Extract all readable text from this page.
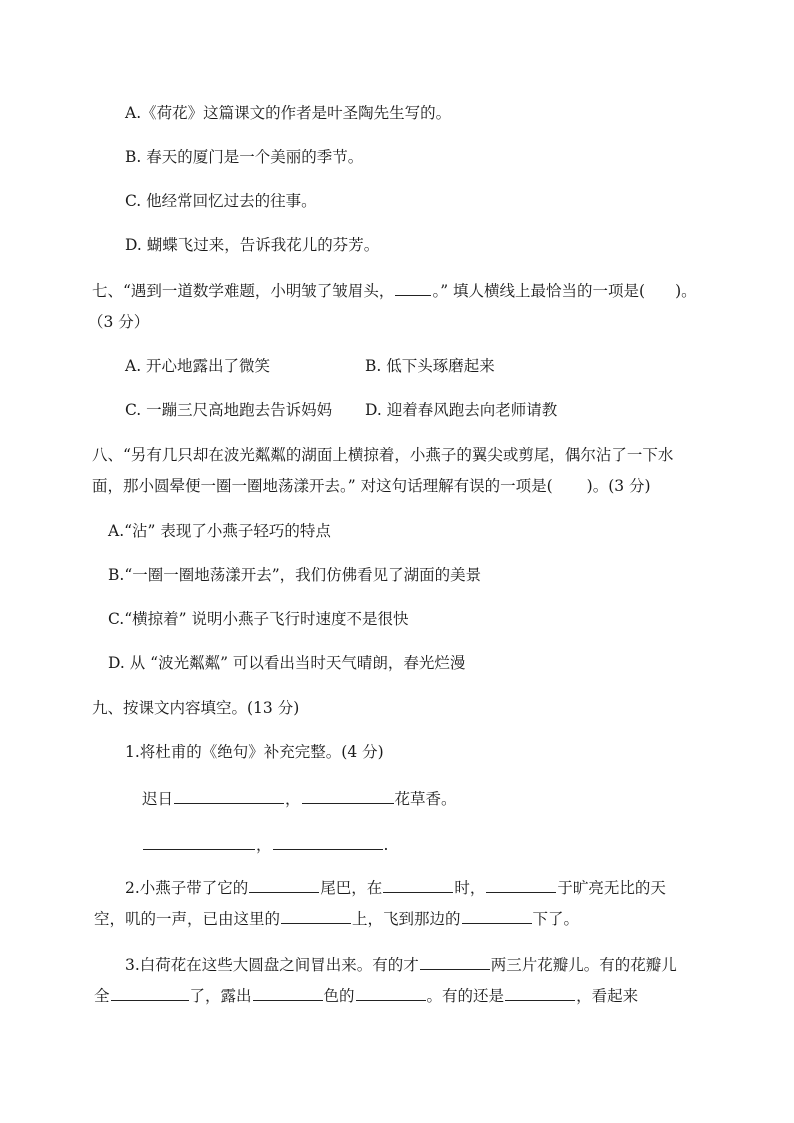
A.《荷花》这篇课文的作者是叶圣陶先生写的。
B. 春天的厦门是一个美丽的季节。
C. 他经常回忆过去的往事。
D. 蝴蝶飞过来，告诉我花儿的芬芳。
七、“遇到一道数学难题，小明皱了皱眉头， 。” 填人横线上最恰当的一项是( )。
（3 分）
A. 开心地露出了微笑	B. 低下头琢磨起来
C. 一蹦三尺高地跑去告诉妈妈 D. 迎着春风跑去向老师请教
八、“另有几只却在波光粼粼的湖面上横掠着，小燕子的翼尖或剪尾，偶尔沾了一下水
面，那小圆晕便一圈一圈地荡漾开去。” 对这句话理解有误的一项是( )。(3 分)
A.“沾” 表现了小燕子轻巧的特点
B.“一圈一圈地荡漾开去”，我们仿佛看见了湖面的美景
C.“横掠着” 说明小燕子飞行时速度不是很快
D. 从 “波光粼粼” 可以看出当时天气晴朗，春光烂漫
九、按课文内容填空。(13 分)
1.将杜甫的《绝句》补充完整。(4 分)
迟日	，	花草香。
，	.
2.小燕子带了它的	尾巴，在	时，	于旷亮无比的天
空，叽的一声，已由这里的	上，飞到那边的	下了。
3.白荷花在这些大圆盘之间冒出来。有的才	两三片花瓣儿。有的花瓣儿
全	了，露出	色的	。有的还是	，看起来
